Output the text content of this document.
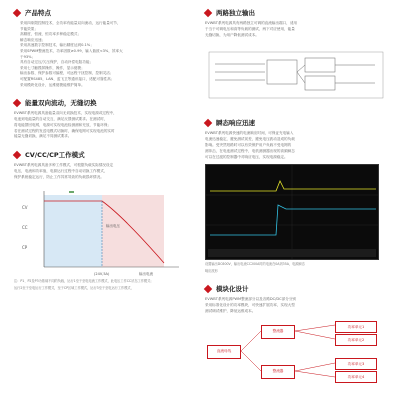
产品特点
采用四象限控制技术，全功率有能量双向流动，运行能量可节，
节能效果；
高精度，恒流、恒功率多种稳定模式；
瞬态响应迅速；
采用高速数字控制技术，输出精度达到0.1%；
采用SPWM整流技术，功率因数≥0.99，输入谐波<3%，效率大
于93%；
具有自动过压/欠压保护，自动补偿电阻功能；
采用七寸触摸屏操作，操作，显示便捷；
输出参数、保护参数可编程，可远程干扰控制，控制灵活；
可配置RS485，LAN、蓝飞卫等通讯接口，适配可靠性高；
采用模块化设计，运维便捷能维护简单。
能量双向流动，无缝切换
EVWBT系列电源具备能量双向无切换技术，实现电源或过程中，
电池到电能量的自动交互，满足反馈测试要求。在测试时，
将电能馈回电网，电源可实现电池检测测和充放，节能环保；
若在测试过程的发送电模式切换时，确保电网可实现电池的实时
能量无缝切换，满足不同测试要求。
CV/CC/CP工作模式
EVWBT系列电源具备多种工作模式，可根据负载实际情况设定
电压，电流和功率值，电源运行过程中自动切换工作模式，
保护系统稳定运行，防止工作异常导致的负载损坏情况。
CV
CC
CP
输出电压
输出电流
(24V,5A)
注：P1、P2及P3为基础不同的负载，运行1至于至电电流工作模式，此电压工作CC状态工作模式；
运行2至于至电运行工作模式，至于CP区域工作模式，运行3至于至电运行工作模式，
两路独立输出
EVWBT系列电源具有两路独立可调的直流输出端口，适用
于当于可调电压和高等负载的测试，两下对应使用，能量
无缝切换，为用户降低测试成本。
瞬态响应迅速
EVWBT系列电源快速的电流响应时间，可保证充电输入
电流迅速稳定，避免测试误差，避免电压波动造成的负载
影响。受突然短路时可以有效保护用户负载不受电网的
测冲击，在电池测试过程中，电机测测器出现的高频瞬态
可以在过渡的控制器中对响应电压，实现电源稳定。
设置输出DC600V，输出电流CC200A时的电流在0A到35A，电源瞬态
响应波形
模块化设计
EVWBT系列电源PWM整流部分以及各路DC/DC部分分别
采用标准化设计的功率模块，可快速扩展功率，实现大型
测试调试维护，降低运维成本。
直流母线
整流器
整流器
功率单元1
功率单元2
功率单元3
功率单元4
